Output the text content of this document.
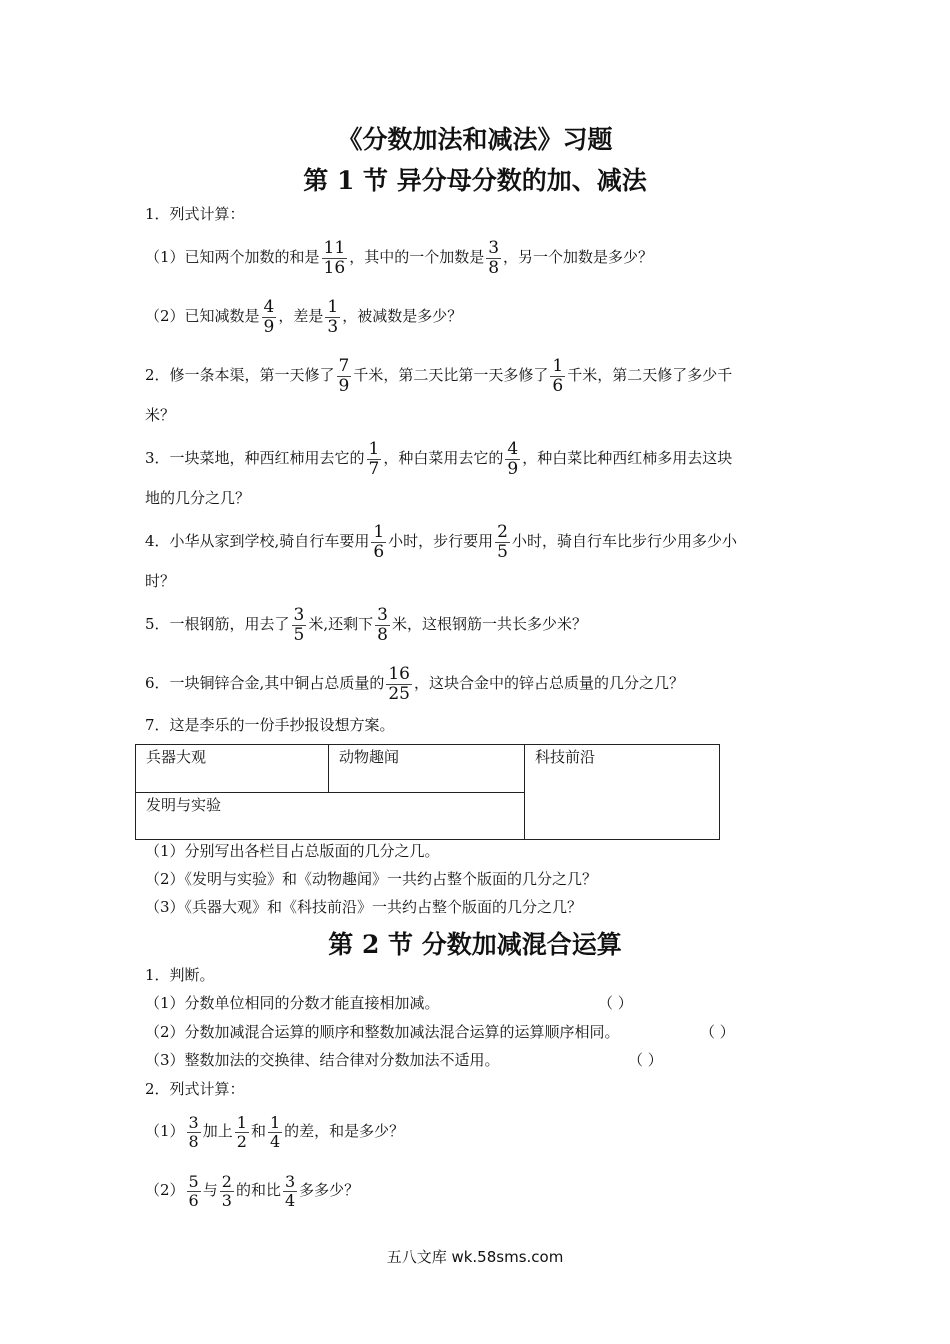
《分数加法和减法》习题
第 1 节 异分母分数的加、减法
1．列式计算：
（1）已知两个加数的和是 $\frac{11}{16}$ ，其中的一个加数是 $\frac{3}{8}$ ，另一个加数是多少？
（2）已知减数是 $\frac{4}{9}$ ，差是 $\frac{1}{3}$ ，被减数是多少？
2．修一条本渠，第一天修了 $\frac{7}{9}$ 千米，第二天比第一天多修了 $\frac{1}{6}$ 千米，第二天修了多少千
米？
3．一块菜地，种西红柿用去它的 $\frac{1}{7}$ ，种白菜用去它的 $\frac{4}{9}$ ，种白菜比种西红柿多用去这块
地的几分之几？
4．小华从家到学校,骑自行车要用 $\frac{1}{6}$ 小时，步行要用 $\frac{2}{5}$ 小时，骑自行车比步行少用多少小
时？
5．一根钢筋，用去了 $\frac{3}{5}$ 米,还剩下 $\frac{3}{8}$ 米，这根钢筋一共长多少米？
6．一块铜锌合金,其中铜占总质量的 $\frac{16}{25}$ ，这块合金中的锌占总质量的几分之几？
7．这是李乐的一份手抄报设想方案。
兵器大观	动物趣闻	科技前沿
发明与实验
（1）分别写出各栏目占总版面的几分之几。
（2）《发明与实验》和《动物趣闻》一共约占整个版面的几分之几？
（3）《兵器大观》和《科技前沿》一共约占整个版面的几分之几？
第 2 节 分数加减混合运算
1．判断。
（1）分数单位相同的分数才能直接相加减。	（ ）
（2）分数加减混合运算的顺序和整数加减法混合运算的运算顺序相同。	（ ）
（3）整数加法的交换律、结合律对分数加法不适用。	（ ）
2．列式计算：
$(1) \frac{3}{8}$ 加上 $\frac{1}{2}$ 和 $\frac{1}{4}$ 的差，和是多少？
$(2) \frac{5}{6}$ 与 $\frac{2}{3}$ 的和比 $\frac{3}{4}$ 多多少？
五八文库 wk.58sms.com
